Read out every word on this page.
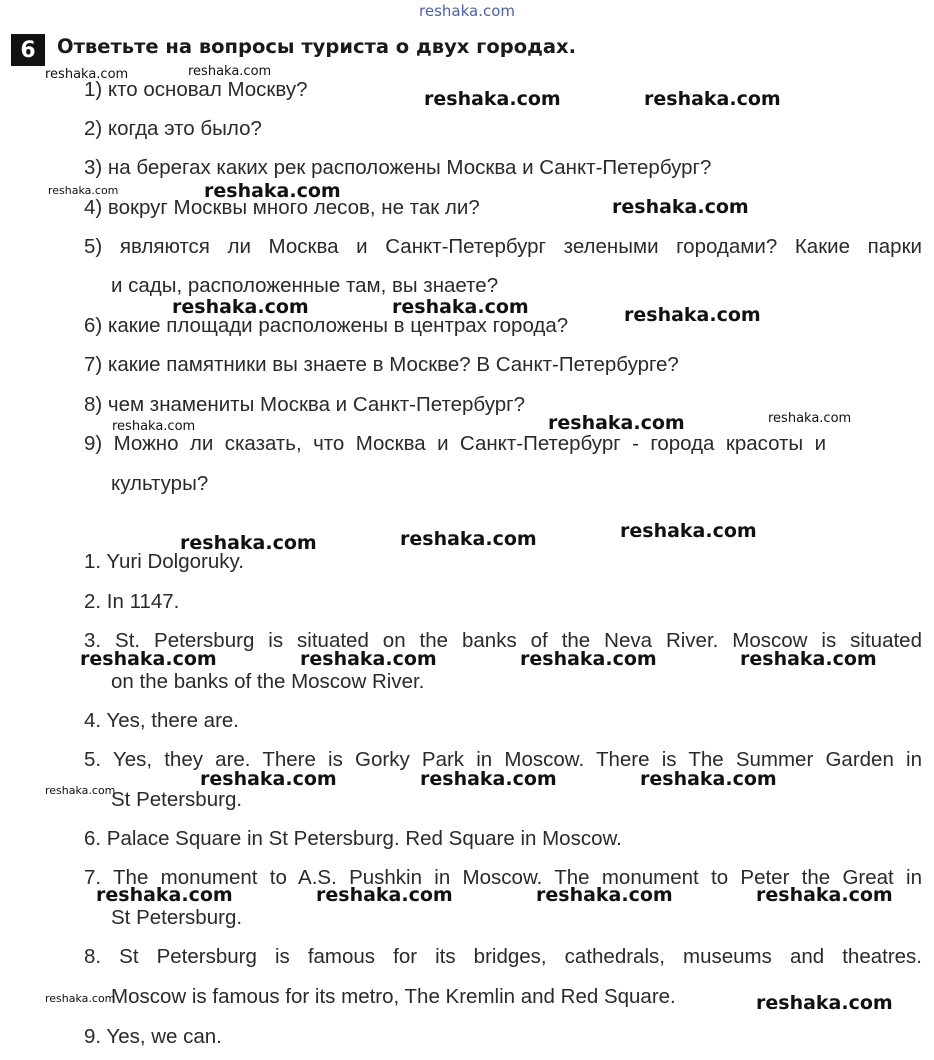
reshaka.com
6	Ответьте на вопросы туриста о двух городах.
1) кто основал Москву?
2) когда это было?
3) на берегах каких рек расположены Москва и Санкт-Петербург?
4) вокруг Москвы много лесов, не так ли?
5) являются ли Москва и Санкт-Петербург зелеными городами? Какие парки
и сады, расположенные там, вы знаете?
6) какие площади расположены в центрах города?
7) какие памятники вы знаете в Москве? В Санкт-Петербурге?
8) чем знамениты Москва и Санкт-Петербург?
9)  Можно  ли  сказать,  что  Москва  и  Санкт-Петербург  -  города  красоты  и
культуры?
1. Yuri Dolgoruky.
2. In 1147.
3. St. Petersburg is situated on the banks of the Neva River. Moscow is situated
on the banks of the Moscow River.
4. Yes, there are.
5. Yes, they are. There is Gorky Park in Moscow. There is The Summer Garden in
St Petersburg.
6. Palace Square in St Petersburg. Red Square in Moscow.
7. The monument to A.S. Pushkin in Moscow. The monument to Peter the Great in
St Petersburg.
8. St Petersburg is famous for its bridges, cathedrals, museums and theatres.
Moscow is famous for its metro, The Kremlin and Red Square.
9. Yes, we can.
reshaka.com	reshaka.com
reshaka.com	reshaka.com
reshaka.com	reshaka.com
reshaka.com
reshaka.com	reshaka.com	reshaka.com
reshaka.com	reshaka.com	reshaka.com
reshaka.com	reshaka.com	reshaka.com
reshaka.com	reshaka.com	reshaka.com	reshaka.com
reshaka.com	reshaka.com	reshaka.com
reshaka.com
reshaka.com	reshaka.com	reshaka.com	reshaka.com
reshaka.com	reshaka.com
